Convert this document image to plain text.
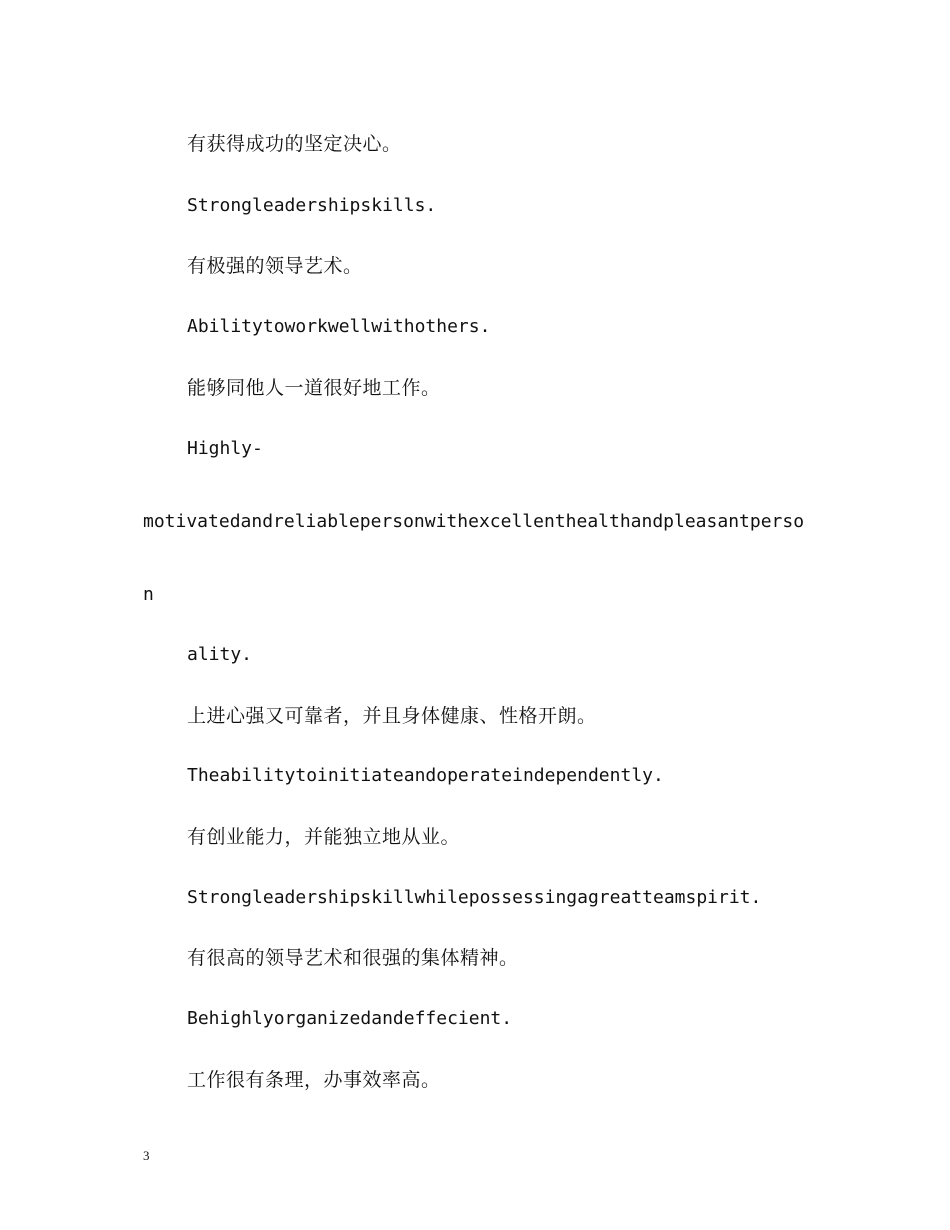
有获得成功的坚定决心。
Strongleadershipskills.
有极强的领导艺术。
Abilitytoworkwellwithothers.
能够同他人一道很好地工作。
Highly-
motivatedandreliablepersonwithexcellenthealthandpleasantperso
n
ality.
上进心强又可靠者，并且身体健康、性格开朗。
Theabilitytoinitiateandoperateindependently.
有创业能力，并能独立地从业。
Strongleadershipskillwhilepossessingagreatteamspirit.
有很高的领导艺术和很强的集体精神。
Behighlyorganizedandeffecient.
工作很有条理，办事效率高。
3
